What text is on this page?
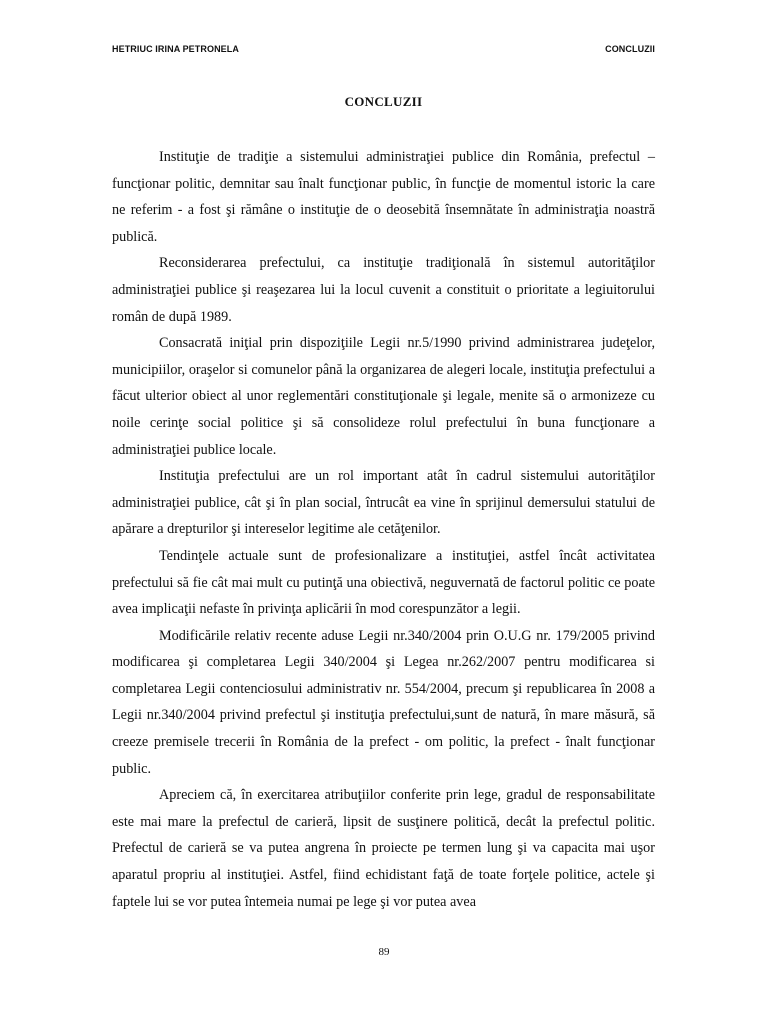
HETRIUC IRINA PETRONELA	CONCLUZII
CONCLUZII

Instituţie de tradiţie a sistemului administraţiei publice din România, prefectul – funcţionar politic, demnitar sau înalt funcţionar public, în funcţie de momentul istoric la care ne referim - a fost şi rămâne o instituţie de o deosebită însemnătate în administraţia noastră publică.

Reconsiderarea prefectului, ca instituţie tradiţională în sistemul autorităţilor administraţiei publice şi reaşezarea lui la locul cuvenit a constituit o prioritate a legiuitorului român de după 1989.

Consacrată iniţial prin dispoziţiile Legii nr.5/1990 privind administrarea judeţelor, municipiilor, oraşelor si comunelor până la organizarea de alegeri locale, instituţia prefectului a făcut ulterior obiect al unor reglementări constituţionale şi legale, menite să o armonizeze cu noile cerinţe social politice şi să consolideze rolul prefectului în buna funcţionare a administraţiei publice locale.

Instituţia prefectului are un rol important atât în cadrul sistemului autorităţilor administraţiei publice, cât şi în plan social, întrucât ea vine în sprijinul demersului statului de apărare a drepturilor şi intereselor legitime ale cetăţenilor.

Tendinţele actuale sunt de profesionalizare a instituţiei, astfel încât activitatea prefectului să fie cât mai mult cu putinţă una obiectivă, neguvernată de factorul politic ce poate avea implicaţii nefaste în privinţa aplicării în mod corespunzător a legii.

Modificările relativ recente aduse Legii nr.340/2004 prin O.U.G nr. 179/2005 privind modificarea şi completarea Legii 340/2004 şi Legea nr.262/2007 pentru modificarea si completarea Legii contenciosului administrativ nr. 554/2004, precum şi republicarea în 2008 a Legii nr.340/2004 privind prefectul şi instituţia prefectului,sunt de natură, în mare măsură, să creeze premisele trecerii în România de la prefect - om politic, la prefect - înalt funcţionar public.

Apreciem că, în exercitarea atribuţiilor conferite prin lege, gradul de responsabilitate este mai mare la prefectul de carieră, lipsit de susţinere politică, decât la prefectul politic. Prefectul de carieră se va putea angrena în proiecte pe termen lung şi va capacita mai uşor aparatul propriu al instituţiei. Astfel, fiind echidistant faţă de toate forţele politice, actele şi faptele lui se vor putea întemeia numai pe lege şi vor putea avea

89
